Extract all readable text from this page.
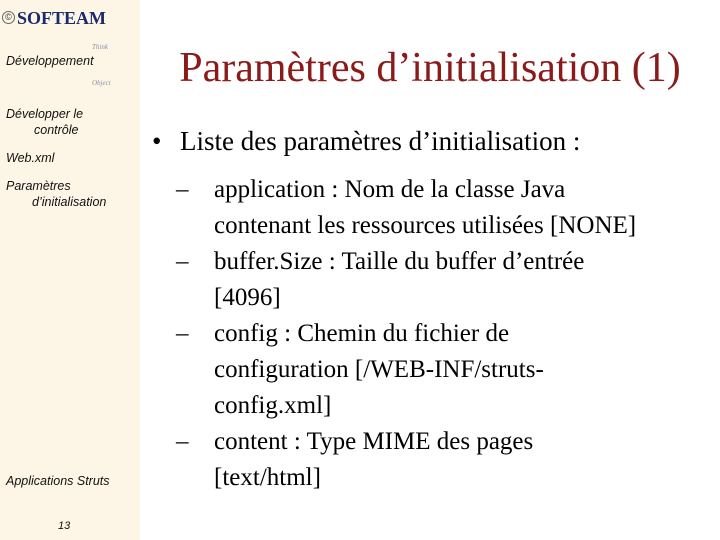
© SOFTEAM
Think Object
Développement
Développer le
contrôle
Web.xml
Paramètres
d’initialisation
Applications Struts
13
Paramètres d’initialisation (1)
• Liste des paramètres d’initialisation :
– application : Nom de la classe Java
contenant les ressources utilisées [NONE]
– buffer.Size : Taille du buffer d’entrée
[4096]
– config : Chemin du fichier de
configuration [/WEB-INF/struts-
config.xml]
– content : Type MIME des pages
[text/html]
